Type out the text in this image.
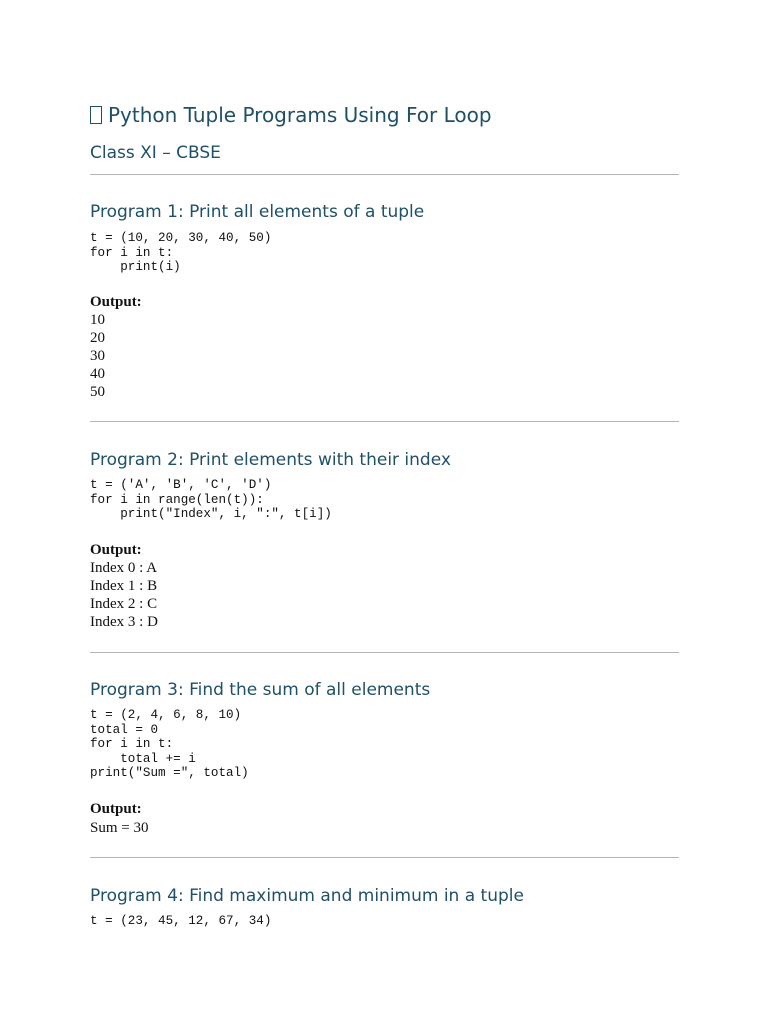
Python Tuple Programs Using For Loop
Class XI – CBSE
Program 1: Print all elements of a tuple
t = (10, 20, 30, 40, 50)
for i in t:
print(i)
Output:
10
20
30
40
50
Program 2: Print elements with their index
t = ('A', 'B', 'C', 'D')
for i in range(len(t)):
print("Index", i, ":", t[i])
Output:
Index 0 : A
Index 1 : B
Index 2 : C
Index 3 : D
Program 3: Find the sum of all elements
t = (2, 4, 6, 8, 10)
total = 0
for i in t:
total += i
print("Sum =", total)
Output:
Sum = 30
Program 4: Find maximum and minimum in a tuple
t = (23, 45, 12, 67, 34)
